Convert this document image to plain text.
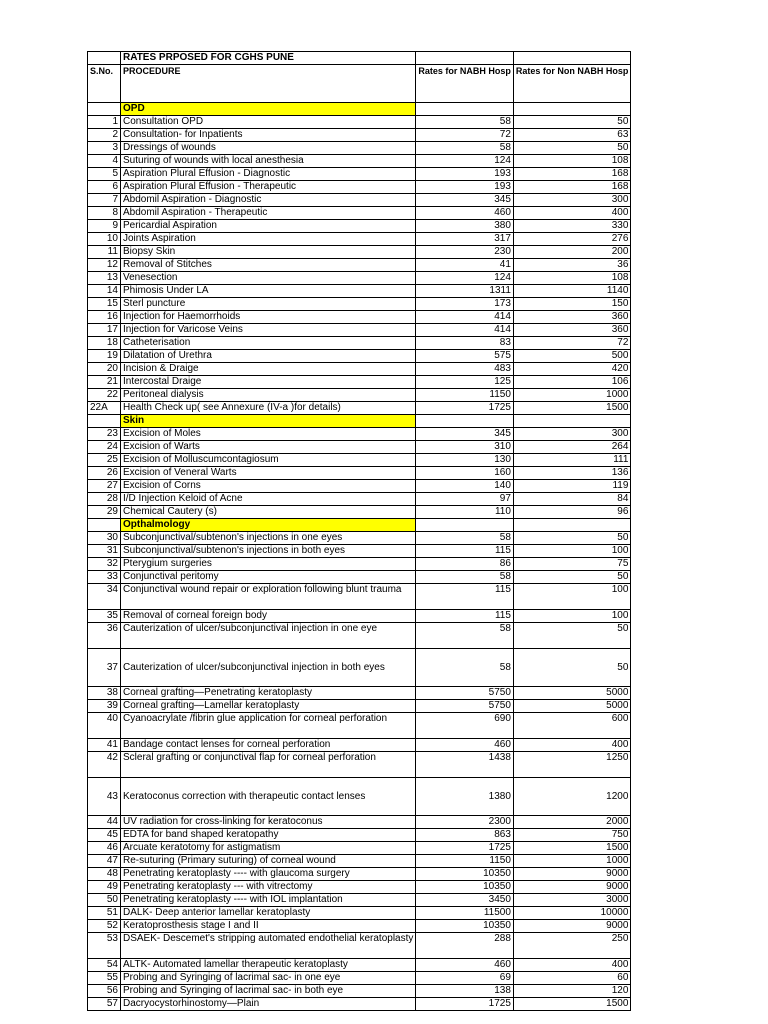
	RATES PRPOSED FOR CGHS PUNE		
S.No.	PROCEDURE	Rates for NABH Hosp	Rates for Non NABH Hosp
	OPD		
1	Consultation OPD	58	50
2	Consultation- for Inpatients	72	63
3	Dressings of wounds	58	50
4	Suturing of wounds with local anesthesia	124	108
5	Aspiration Plural Effusion - Diagnostic	193	168
6	Aspiration Plural Effusion - Therapeutic	193	168
7	Abdomil Aspiration - Diagnostic	345	300
8	Abdomil Aspiration - Therapeutic	460	400
9	Pericardial Aspiration	380	330
10	Joints Aspiration	317	276
11	Biopsy Skin	230	200
12	Removal of Stitches	41	36
13	Venesection	124	108
14	Phimosis Under LA	1311	1140
15	Sterl puncture	173	150
16	Injection for Haemorrhoids	414	360
17	Injection for Varicose Veins	414	360
18	Catheterisation	83	72
19	Dilatation of Urethra	575	500
20	Incision & Draige	483	420
21	Intercostal Draige	125	106
22	Peritoneal dialysis	1150	1000
22A	Health Check up( see Annexure (IV-a )for details)	1725	1500
	Skin		
23	Excision of Moles	345	300
24	Excision of Warts	310	264
25	Excision of Molluscumcontagiosum	130	111
26	Excision of Veneral Warts	160	136
27	Excision of Corns	140	119
28	I/D Injection Keloid of Acne	97	84
29	Chemical Cautery (s)	110	96
	Opthalmology		
30	Subconjunctival/subtenon's injections in one eyes	58	50
31	Subconjunctival/subtenon's injections in both eyes	115	100
32	Pterygium surgeries	86	75
33	Conjunctival peritomy	58	50
34	Conjunctival wound repair or exploration following blunt trauma	115	100
35	Removal of corneal foreign body	115	100
36	Cauterization of ulcer/subconjunctival injection in one eye	58	50
37	Cauterization of ulcer/subconjunctival injection in both eyes	58	50
38	Corneal grafting—Penetrating keratoplasty	5750	5000
39	Corneal grafting—Lamellar keratoplasty	5750	5000
40	Cyanoacrylate /fibrin glue application for corneal perforation	690	600
41	Bandage contact lenses for corneal perforation	460	400
42	Scleral grafting or conjunctival flap for corneal perforation	1438	1250
43	Keratoconus correction with therapeutic contact lenses	1380	1200
44	UV radiation for cross-linking for keratoconus	2300	2000
45	EDTA for band shaped keratopathy	863	750
46	Arcuate keratotomy for astigmatism	1725	1500
47	Re-suturing (Primary suturing) of corneal wound	1150	1000
48	Penetrating keratoplasty ---- with glaucoma surgery	10350	9000
49	Penetrating keratoplasty --- with vitrectomy	10350	9000
50	Penetrating keratoplasty ---- with IOL implantation	3450	3000
51	DALK- Deep anterior lamellar keratoplasty	11500	10000
52	Keratoprosthesis stage I and II	10350	9000
53	DSAEK- Descemet's stripping automated endothelial keratoplasty	288	250
54	ALTK- Automated lamellar therapeutic keratoplasty	460	400
55	Probing and Syringing of lacrimal sac- in one eye	69	60
56	Probing and Syringing of lacrimal sac- in both eye	138	120
57	Dacryocystorhinostomy—Plain	1725	1500
